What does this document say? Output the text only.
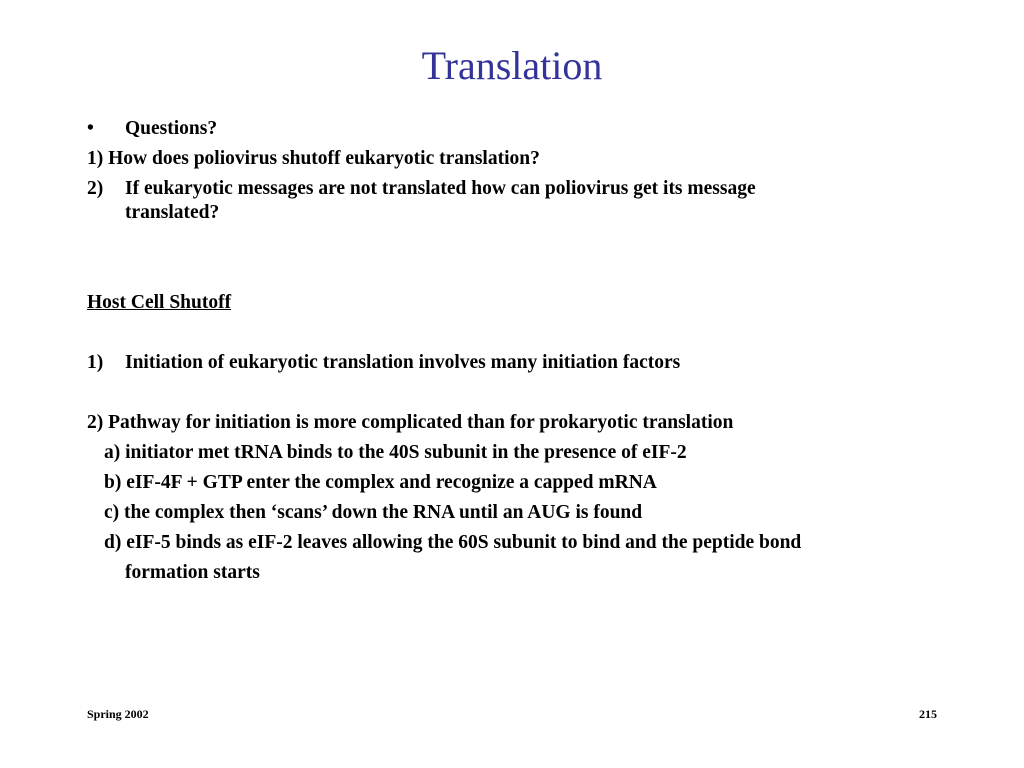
Translation
• Questions?
1) How does poliovirus shutoff eukaryotic translation?
2) If eukaryotic messages are not translated how can poliovirus get its message
translated?
Host Cell Shutoff
1) Initiation of eukaryotic translation involves many initiation factors
2) Pathway for initiation is more complicated than for prokaryotic translation
a) initiator met tRNA binds to the 40S subunit in the presence of eIF-2
b) eIF-4F + GTP enter the complex and recognize a capped mRNA
c) the complex then ‘scans’ down the RNA until an AUG is found
d) eIF-5 binds as eIF-2 leaves allowing the 60S subunit to bind and the peptide bond
formation starts
Spring 2002	215
